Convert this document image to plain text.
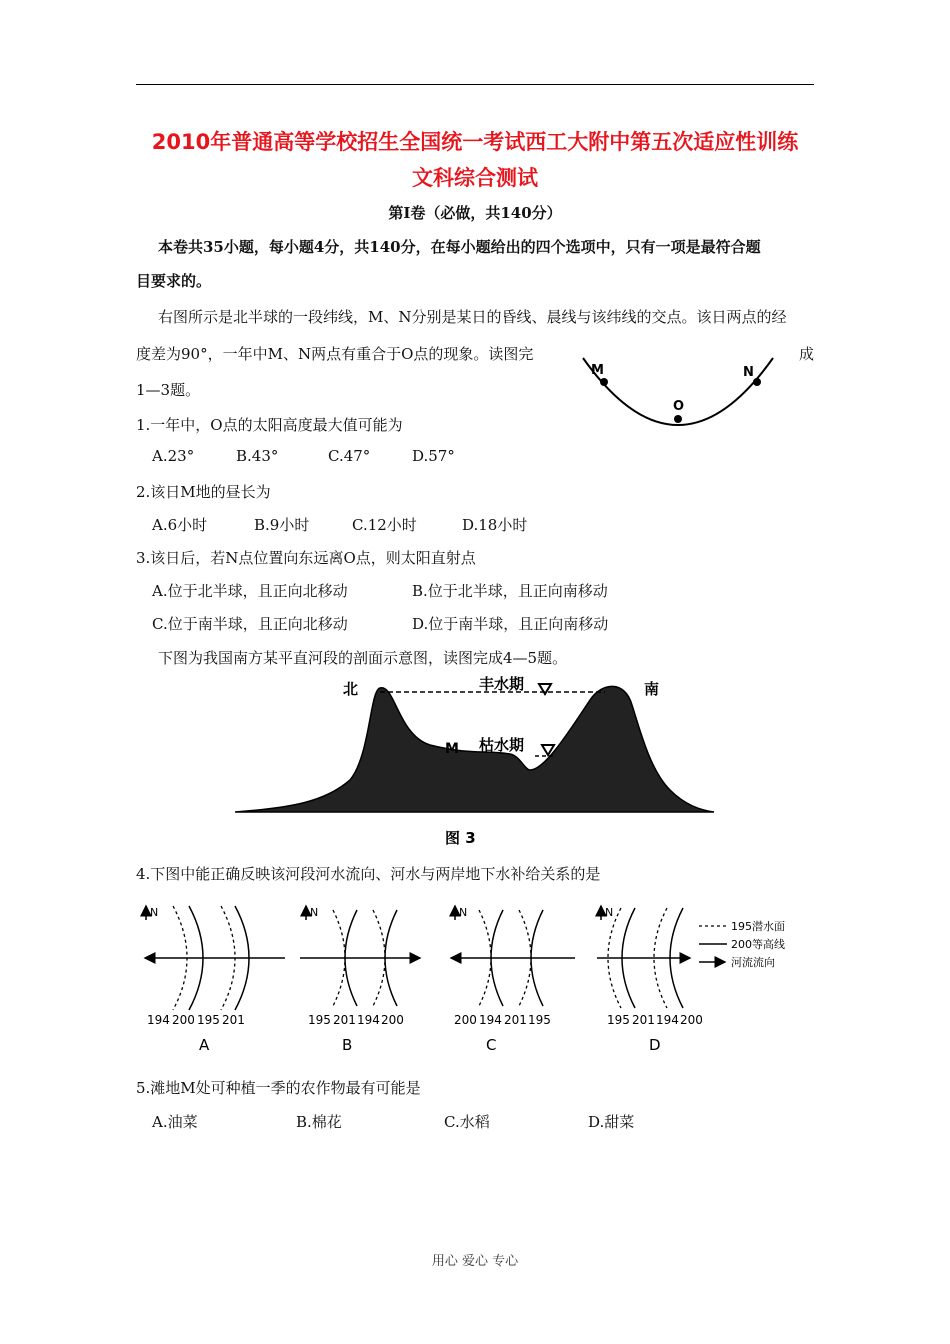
2010年普通高等学校招生全国统一考试西工大附中第五次适应性训练
文科综合测试
第Ⅰ卷（必做，共140分）
本卷共35小题，每小题4分，共140分，在每小题给出的四个选项中，只有一项是最符合题
目要求的。
右图所示是北半球的一段纬线，M、N分别是某日的昏线、晨线与该纬线的交点。该日两点的经
度差为90°，一年中M、N两点有重合于O点的现象。读图完	成
1—3题。
M	N
O
1.一年中，O点的太阳高度最大值可能为
A.23°	B.43°	C.47°	D.57°
2.该日M地的昼长为
A.6小时	B.9小时	C.12小时	D.18小时
3.该日后，若N点位置向东远离O点，则太阳直射点
A.位于北半球，且正向北移动	B.位于北半球，且正向南移动
C.位于南半球，且正向北移动	D.位于南半球，且正向南移动
下图为我国南方某平直河段的剖面示意图，读图完成4—5题。
北	南
丰水期
枯水期
M
图 3
4.下图中能正确反映该河段河水流向、河水与两岸地下水补给关系的是
N
194 200 195 201
A
N
195 201 194 200
B
N
200 194 201 195
C
N
195 201 194 200
D
195潜水面
200等高线
河流流向
5.滩地M处可种植一季的农作物最有可能是
A.油菜	B.棉花	C.水稻	D.甜菜
用心 爱心 专心
